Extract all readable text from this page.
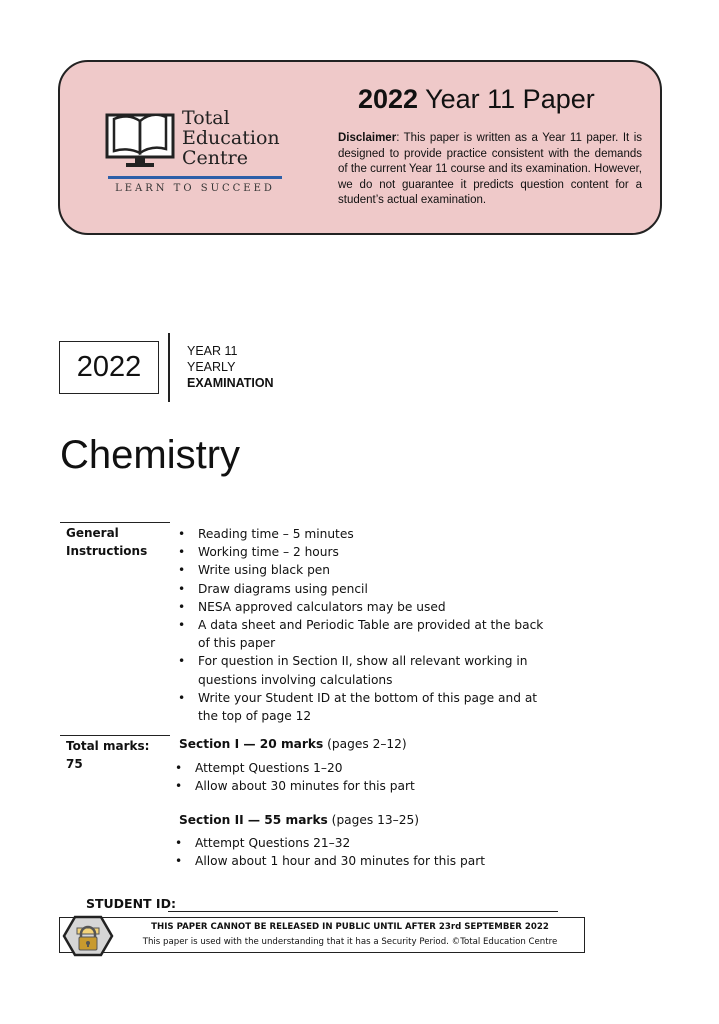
Total
Education
Centre
LEARN TO SUCCEED
2022 Year 11 Paper
Disclaimer: This paper is written as a Year 11 paper. It is designed to provide practice consistent with the demands of the current Year 11 course and its examination. However, we do not guarantee it predicts question content for a student’s actual examination.
2022	YEAR 11
YEARLY
EXAMINATION
Chemistry
General
Instructions
• Reading time – 5 minutes
• Working time – 2 hours
• Write using black pen
• Draw diagrams using pencil
• NESA approved calculators may be used
• A data sheet and Periodic Table are provided at the back of this paper
• For question in Section II, show all relevant working in questions involving calculations
• Write your Student ID at the bottom of this page and at the top of page 12
Total marks:
75
Section I — 20 marks (pages 2–12)
• Attempt Questions 1–20
• Allow about 30 minutes for this part
Section II — 55 marks (pages 13–25)
• Attempt Questions 21–32
• Allow about 1 hour and 30 minutes for this part
STUDENT ID:
THIS PAPER CANNOT BE RELEASED IN PUBLIC UNTIL AFTER 23rd SEPTEMBER 2022
This paper is used with the understanding that it has a Security Period. ©Total Education Centre
